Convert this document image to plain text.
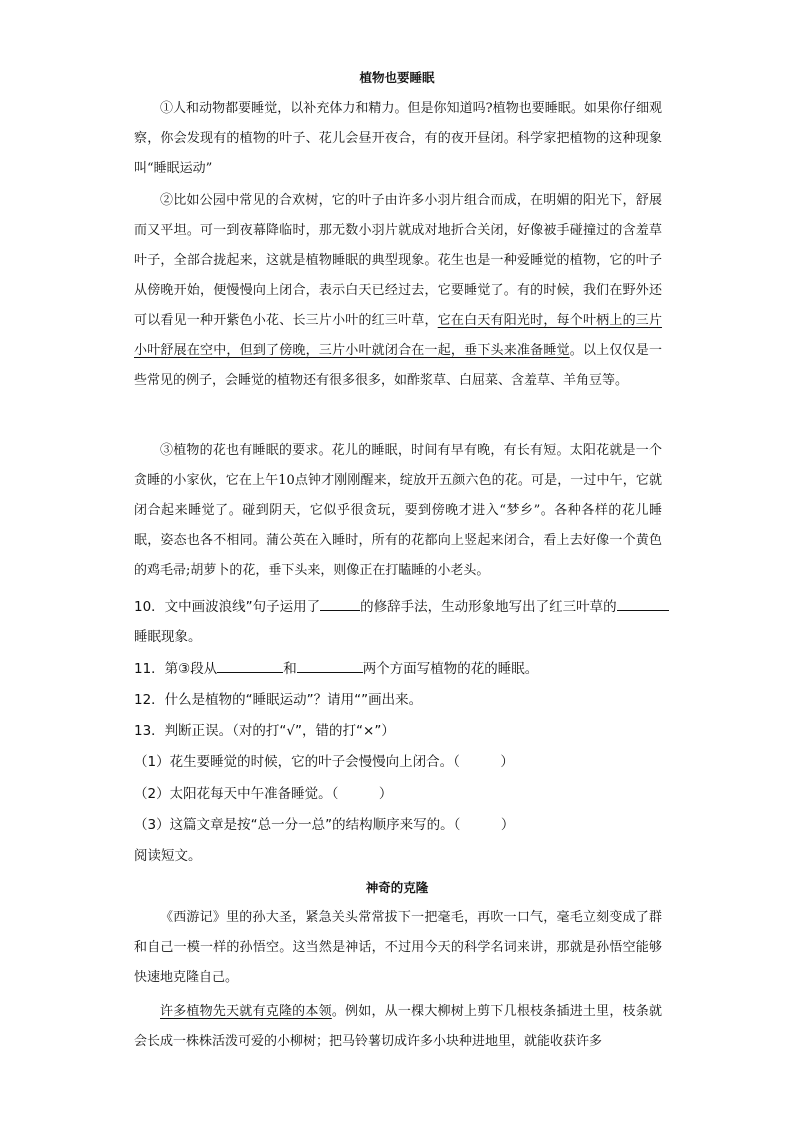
植物也要睡眠

①人和动物都要睡觉，以补充体力和精力。但是你知道吗?植物也要睡眠。如果你仔细观察，你会发现有的植物的叶子、花儿会昼开夜合，有的夜开昼闭。科学家把植物的这种现象叫“睡眠运动”

②比如公园中常见的合欢树，它的叶子由许多小羽片组合而成，在明媚的阳光下，舒展而又平坦。可一到夜幕降临时，那无数小羽片就成对地折合关闭，好像被手碰撞过的含羞草叶子，全部合拢起来，这就是植物睡眠的典型现象。花生也是一种爱睡觉的植物，它的叶子从傍晚开始，便慢慢向上闭合，表示白天已经过去，它要睡觉了。有的时候，我们在野外还可以看见一种开紫色小花、长三片小叶的红三叶草，它在白天有阳光时，每个叶柄上的三片小叶舒展在空中，但到了傍晚，三片小叶就闭合在一起，垂下头来准备睡觉。以上仅仅是一些常见的例子，会睡觉的植物还有很多很多，如酢浆草、白屈菜、含羞草、羊角豆等。

③植物的花也有睡眠的要求。花儿的睡眠，时间有早有晚，有长有短。太阳花就是一个贪睡的小家伙，它在上午10点钟才刚刚醒来，绽放开五颜六色的花。可是，一过中午，它就闭合起来睡觉了。碰到阴天，它似乎很贪玩，要到傍晚才进入“梦乡”。各种各样的花儿睡眠，姿态也各不相同。蒲公英在入睡时，所有的花都向上竖起来闭合，看上去好像一个黄色的鸡毛帚;胡萝卜的花，垂下头来，则像正在打瞌睡的小老头。

10．文中画波浪线”句子运用了	的修辞手法，生动形象地写出了红三叶草的
睡眠现象。
11．第③段从	和	两个方面写植物的花的睡眠。
12．什么是植物的“睡眠运动”？请用“”画出来。
13．判断正误。（对的打“√”，错的打“×”）
（1）花生要睡觉的时候，它的叶子会慢慢向上闭合。（　　　）
（2）太阳花每天中午准备睡觉。（　　　）
（3）这篇文章是按“总一分一总”的结构顺序来写的。（　　　）
阅读短文。
神奇的克隆

《西游记》里的孙大圣，紧急关头常常拔下一把毫毛，再吹一口气，毫毛立刻变成了群和自己一模一样的孙悟空。这当然是神话，不过用今天的科学名词来讲，那就是孙悟空能够快速地克隆自己。

许多植物先天就有克隆的本领。例如，从一棵大柳树上剪下几根枝条插进土里，枝条就会长成一株株活泼可爱的小柳树；把马铃薯切成许多小块种进地里，就能收获许多
